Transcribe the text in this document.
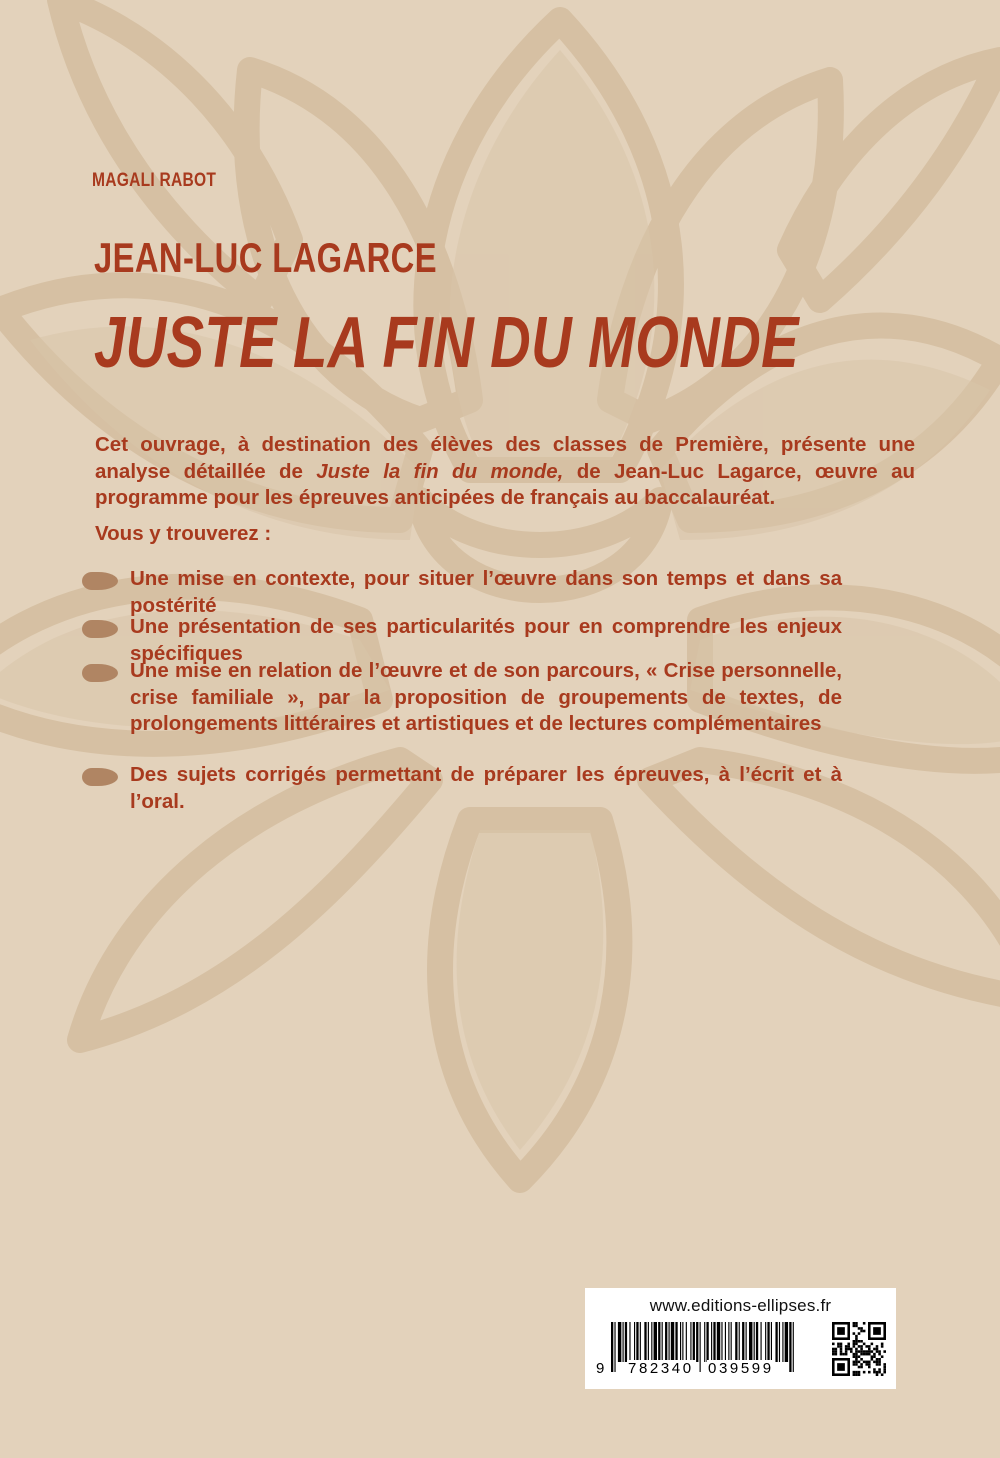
MAGALI RABOT
JEAN-LUC LAGARCE
JUSTE LA FIN DU MONDE
Cet ouvrage, à destination des élèves des classes de Première, présente une analyse détaillée de Juste la fin du monde, de Jean-Luc Lagarce, œuvre au programme pour les épreuves anticipées de français au baccalauréat.
Vous y trouverez :
Une mise en contexte, pour situer l’œuvre dans son temps et dans sa postérité
Une présentation de ses particularités pour en comprendre les enjeux spécifiques
Une mise en relation de l’œuvre et de son parcours, « Crise personnelle, crise familiale », par la proposition de groupements de textes, de prolongements littéraires et artistiques et de lectures complémentaires
Des sujets corrigés permettant de préparer les épreuves, à l’écrit et à l’oral.
www.editions-ellipses.fr
9 782340 039599
